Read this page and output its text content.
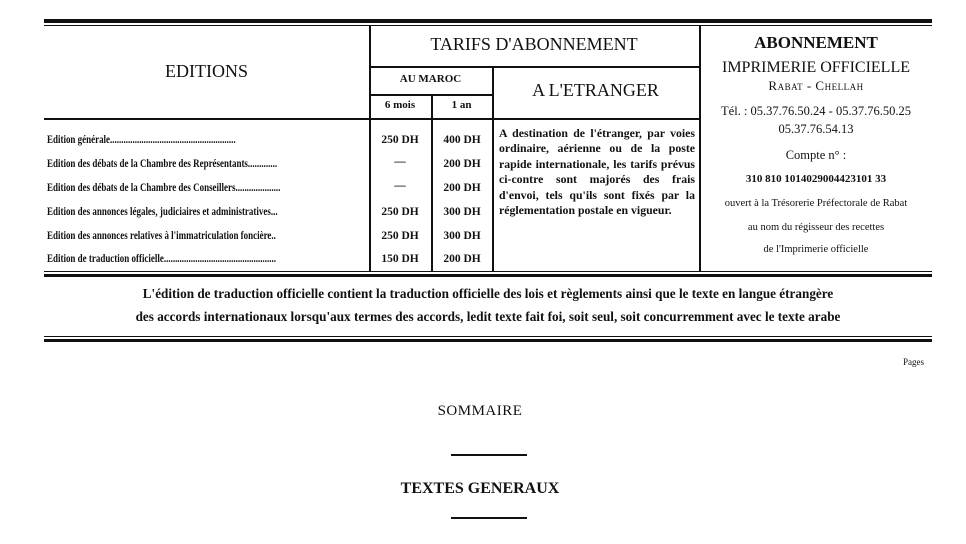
EDITIONS
TARIFS D'ABONNEMENT
AU MAROC
6 mois	1 an
A L'ETRANGER
Edition générale........................................................	250 DH	400 DH
Edition des débats de la Chambre des Représentants.............	—	200 DH
Edition des débats de la Chambre des Conseillers....................	—	200 DH
Edition des annonces légales, judiciaires et administratives...	250 DH	300 DH
Edition des annonces relatives à l'immatriculation foncière..	250 DH	300 DH
Edition de traduction officielle..................................................	150 DH	200 DH
A destination de l'étranger, par voies ordinaire, aérienne ou de la poste rapide internationale, les tarifs prévus ci-contre sont majorés des frais d'envoi, tels qu'ils sont fixés par la réglementation postale en vigueur.
ABONNEMENT
IMPRIMERIE OFFICIELLE
Rabat - Chellah
Tél. : 05.37.76.50.24 - 05.37.76.50.25
05.37.76.54.13
Compte n° :
310 810 1014029004423101 33
ouvert à la Trésorerie Préfectorale de Rabat
au nom du régisseur des recettes
de l'Imprimerie officielle
L'édition de traduction officielle contient la traduction officielle des lois et règlements ainsi que le texte en langue étrangère
des accords internationaux lorsqu'aux termes des accords, ledit texte fait foi, soit seul, soit concurremment avec le texte arabe
Pages
SOMMAIRE
TEXTES GENERAUX
